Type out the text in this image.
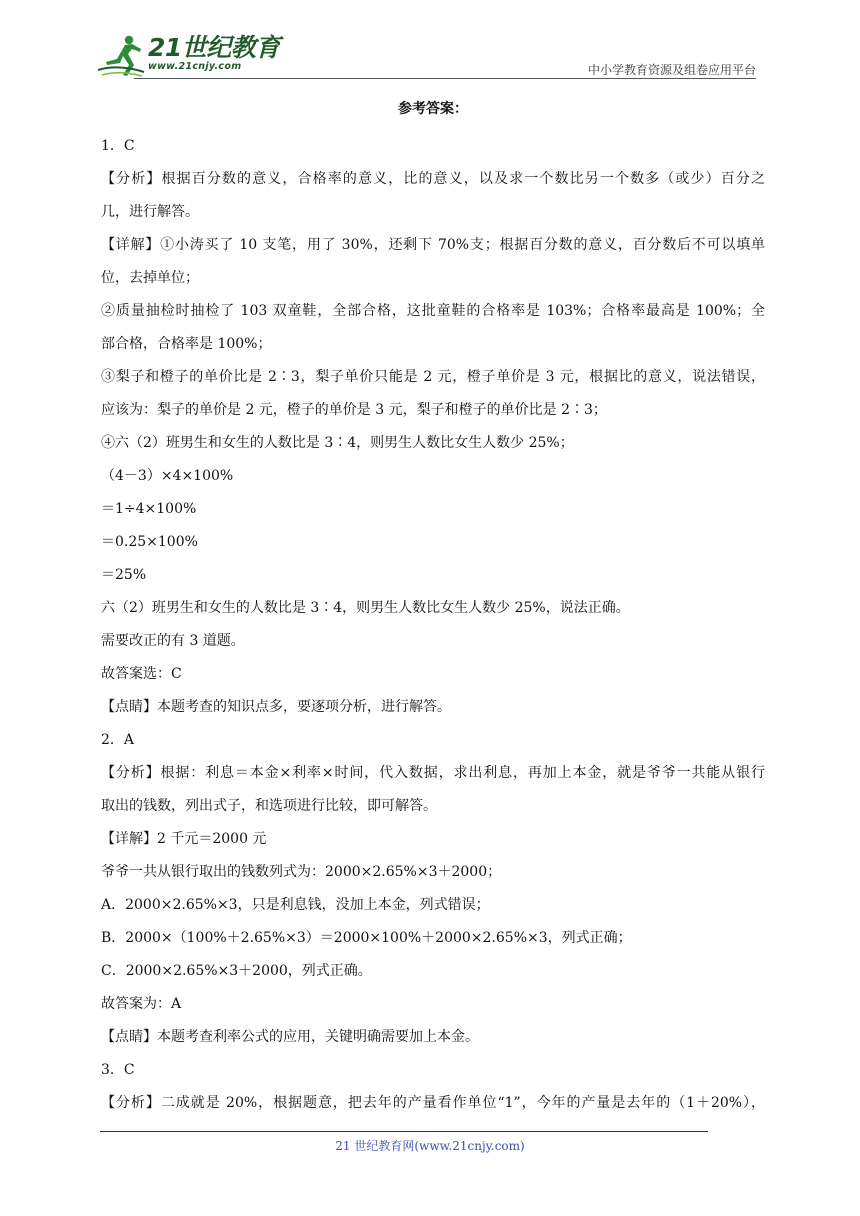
21世纪教育
www.21cnjy.com	中小学教育资源及组卷应用平台
参考答案：
1．C
【分析】根据百分数的意义，合格率的意义，比的意义，以及求一个数比另一个数多（或少）百分之
几，进行解答。
【详解】①小涛买了 10 支笔，用了 30%，还剩下 70%支；根据百分数的意义，百分数后不可以填单
位，去掉单位；
②质量抽检时抽检了 103 双童鞋，全部合格，这批童鞋的合格率是 103%；合格率最高是 100%；全
部合格，合格率是 100%；
③梨子和橙子的单价比是 2∶3，梨子单价只能是 2 元，橙子单价是 3 元，根据比的意义，说法错误，
应该为：梨子的单价是 2 元，橙子的单价是 3 元，梨子和橙子的单价比是 2∶3；
④六（2）班男生和女生的人数比是 3∶4，则男生人数比女生人数少 25%；
（4－3）×4×100%
＝1÷4×100%
＝0.25×100%
＝25%
六（2）班男生和女生的人数比是 3∶4，则男生人数比女生人数少 25%，说法正确。
需要改正的有 3 道题。
故答案选：C
【点睛】本题考查的知识点多，要逐项分析，进行解答。
2．A
【分析】根据：利息＝本金×利率×时间，代入数据，求出利息，再加上本金，就是爷爷一共能从银行
取出的钱数，列出式子，和选项进行比较，即可解答。
【详解】2 千元＝2000 元
爷爷一共从银行取出的钱数列式为：2000×2.65%×3＋2000；
A．2000×2.65%×3，只是利息钱，没加上本金，列式错误；
B．2000×（100%＋2.65%×3）＝2000×100%＋2000×2.65%×3，列式正确；
C．2000×2.65%×3＋2000，列式正确。
故答案为：A
【点睛】本题考查利率公式的应用，关键明确需要加上本金。
3．C
【分析】二成就是 20%，根据题意，把去年的产量看作单位“1”，今年的产量是去年的（1＋20%），
21 世纪教育网(www.21cnjy.com)
